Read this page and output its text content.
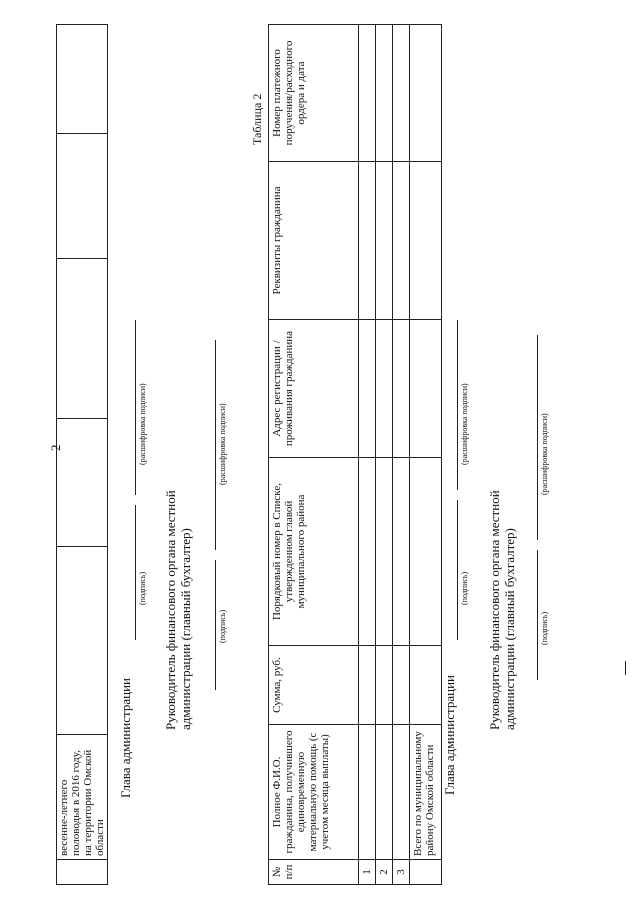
2
	весенне-летнего половодья в 2016 году, на территории Омской области					
Глава администрации
(подпись)
(расшифровка подписи)
Руководитель финансового органа местной администрации (главный бухгалтер)	(подпись)
(расшифровка подписи)
Таблица 2
№ п/п	Полное Ф.И.О. гражданина, получившего единовременную материальную помощь (с учетом месяца выплаты)	Сумма, руб.	Порядковый номер в Списке, утвержденном главой муниципального района	Адрес регистрации / проживания гражданина	Реквизиты гражданина	Номер платежного поручения/расходного ордера и дата
1						
2						
3						
	Всего по муниципальному району Омской области					
Глава администрации
(подпись)
(расшифровка подписи)
Руководитель финансового органа местной администрации (главный бухгалтер)	(подпись)
(расшифровка подписи)
